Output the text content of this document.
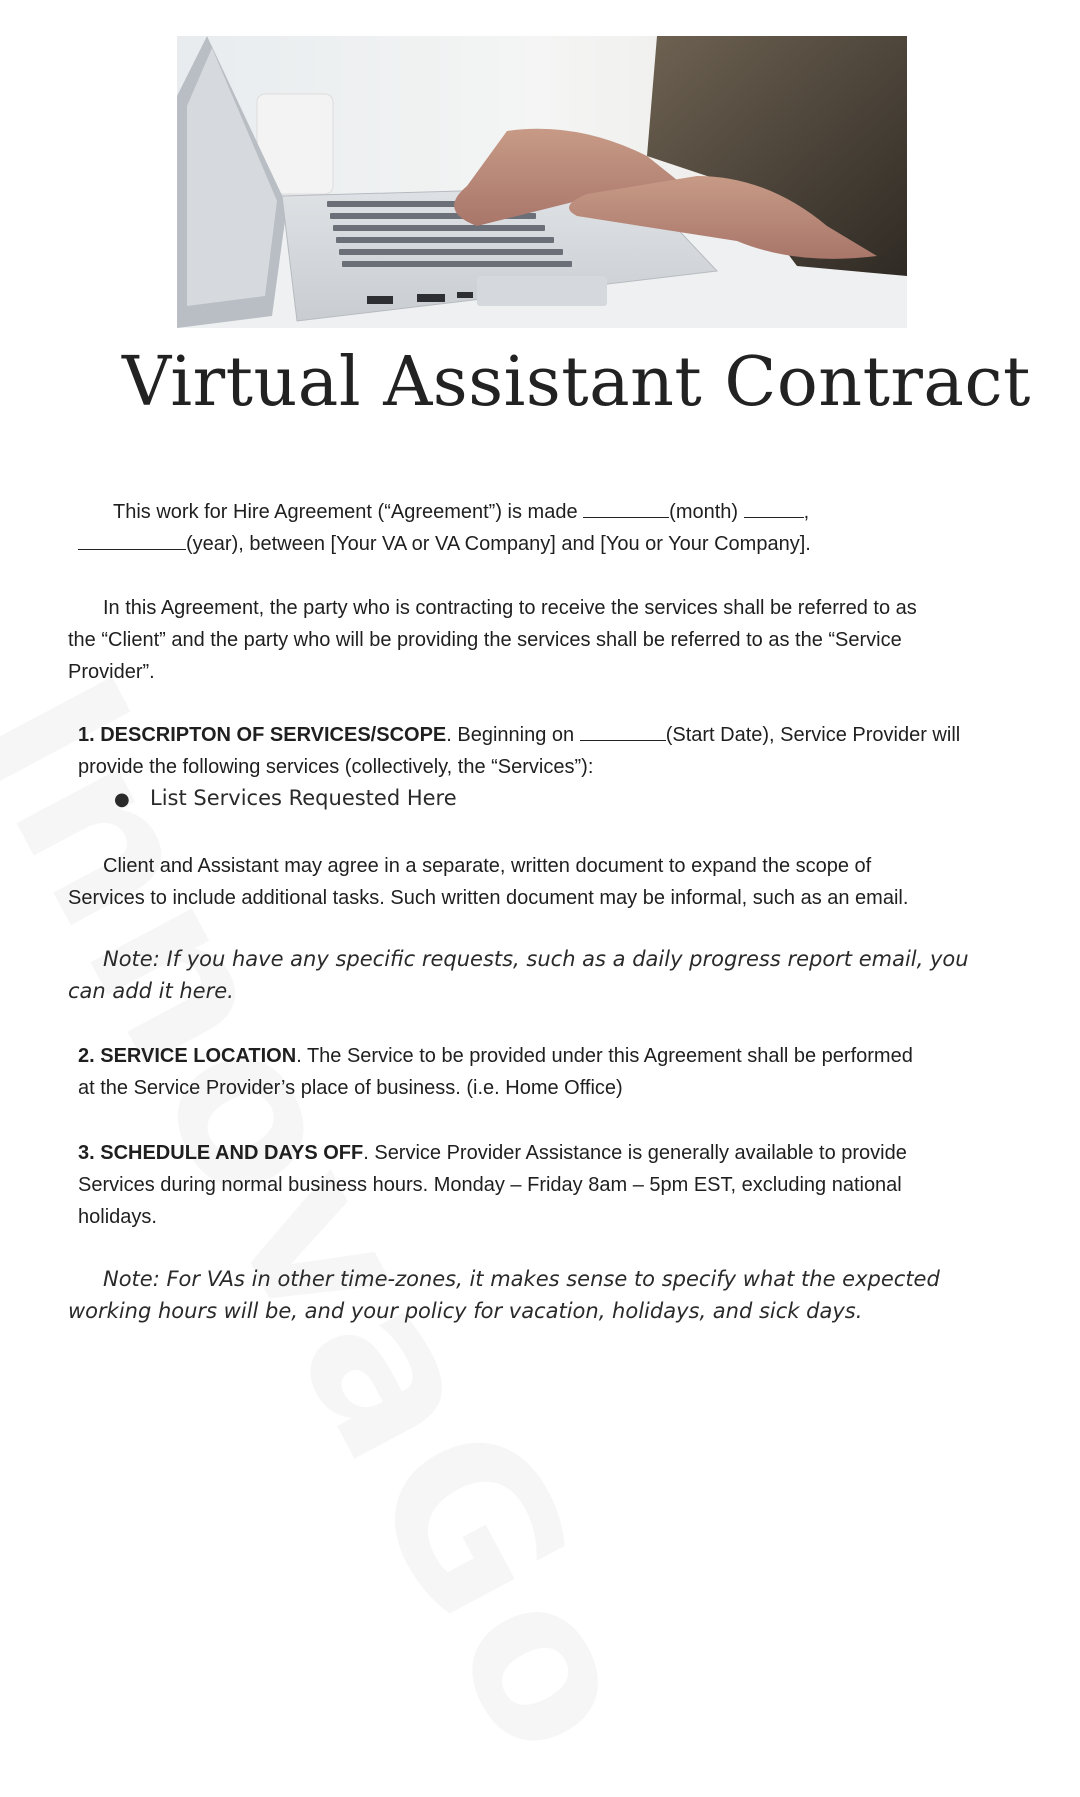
Virtual Assistant Contract

This work for Hire Agreement (“Agreement”) is made	(month)	,
(year), between [Your VA or VA Company] and [You or Your Company].

In this Agreement, the party who is contracting to receive the services shall be referred to as
the “Client” and the party who will be providing the services shall be referred to as the “Service
Provider”.

1. DESCRIPTON OF SERVICES/SCOPE. Beginning on	(Start Date), Service Provider will
provide the following services (collectively, the “Services”):

● List Services Requested Here

Client and Assistant may agree in a separate, written document to expand the scope of
Services to include additional tasks. Such written document may be informal, such as an email.

Note: If you have any specific requests, such as a daily progress report email, you
can add it here.

2. SERVICE LOCATION. The Service to be provided under this Agreement shall be performed
at the Service Provider’s place of business. (i.e. Home Office)

3. SCHEDULE AND DAYS OFF. Service Provider Assistance is generally available to provide
Services during normal business hours. Monday – Friday 8am – 5pm EST, excluding national
holidays.

Note: For VAs in other time-zones, it makes sense to specify what the expected
working hours will be, and your policy for vacation, holidays, and sick days.
